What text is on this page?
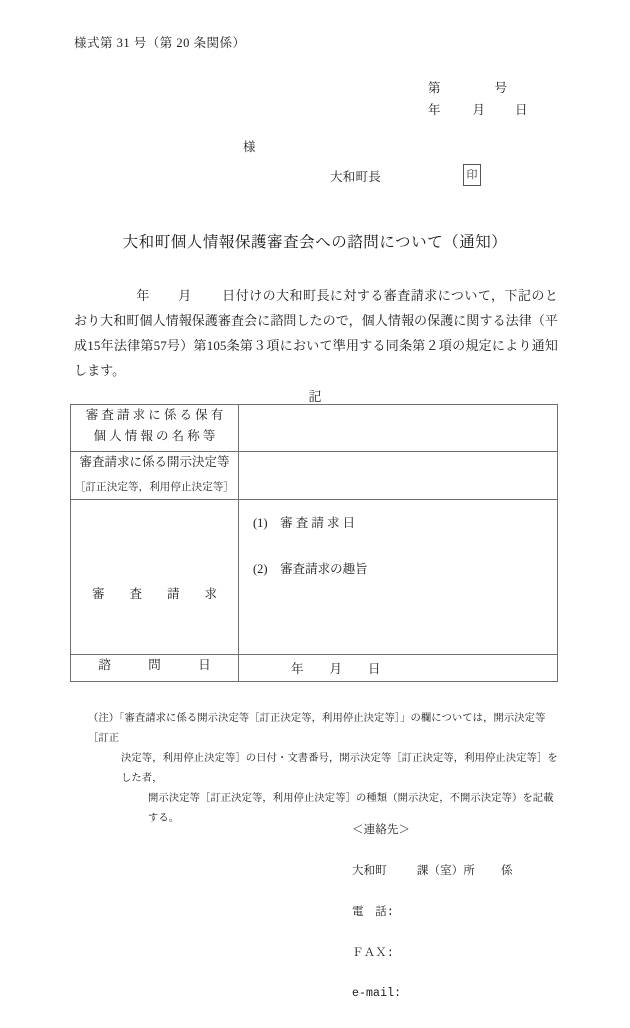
様式第 31 号（第 20 条関係）
第	号
年	月 日
様
大和町長	印
大和町個人情報保護審査会への諮問について（通知）
年 月 日付けの大和町長に対する審査請求について，下記のとおり大和町個人情報保護審査会に諮問したので，個人情報の保護に関する法律（平成15年法律第57号）第105条第３項において準用する同条第２項の規定により通知します。
記
審 査 請 求 に 係 る 保 有
個 人 情 報 の 名 称 等	

審査請求に係る開示決定等
［訂正決定等，利用停止決定等］	

審　　査　　請　　求	(1)　審 査 請 求 日
(2)　審査請求の趣旨

諮　　　問　　　日	年 月 日
（注）「審査請求に係る開示決定等［訂正決定等，利用停止決定等］」の欄については，開示決定等［訂正
決定等，利用停止決定等］の日付・文書番号，開示決定等［訂正決定等，利用停止決定等］をした者，
開示決定等［訂正決定等，利用停止決定等］の種類（開示決定，不開示決定等）を記載する。

＜連絡先＞

大和町	課（室）所 係

電　話:

ＦＡＸ:

e-mail:
